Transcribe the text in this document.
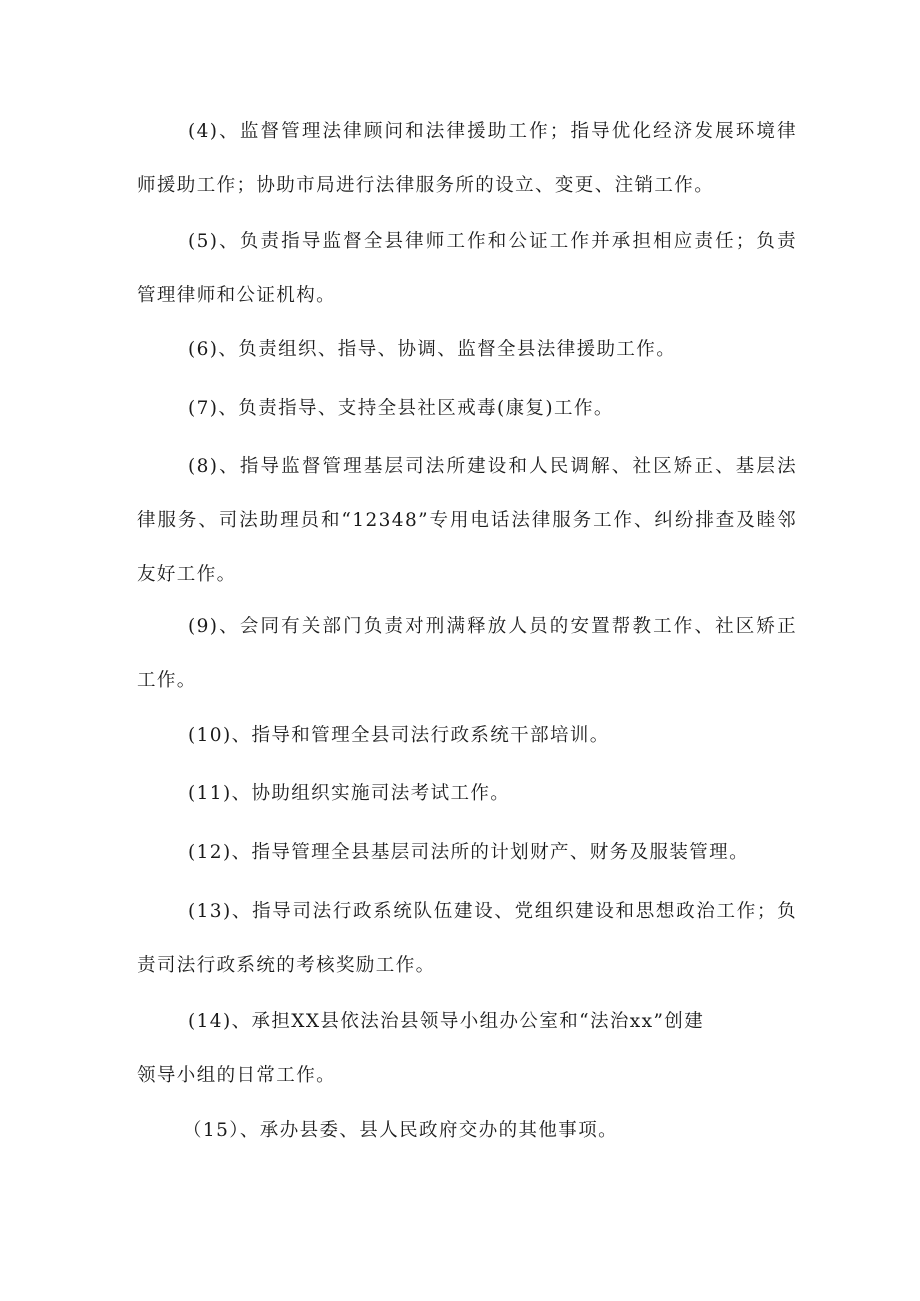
(4)、监督管理法律顾问和法律援助工作；指导优化经济发展环境律
师援助工作；协助市局进行法律服务所的设立、变更、注销工作。

(5)、负责指导监督全县律师工作和公证工作并承担相应责任；负责
管理律师和公证机构。

(6)、负责组织、指导、协调、监督全县法律援助工作。

(7)、负责指导、支持全县社区戒毒(康复)工作。

(8)、指导监督管理基层司法所建设和人民调解、社区矫正、基层法
律服务、司法助理员和“12348”专用电话法律服务工作、纠纷排查及睦邻
友好工作。

(9)、会同有关部门负责对刑满释放人员的安置帮教工作、社区矫正
工作。

(10)、指导和管理全县司法行政系统干部培训。

(11)、协助组织实施司法考试工作。

(12)、指导管理全县基层司法所的计划财产、财务及服装管理。

(13)、指导司法行政系统队伍建设、党组织建设和思想政治工作；负
责司法行政系统的考核奖励工作。

(14)、承担XX县依法治县领导小组办公室和“法治xx”创建
领导小组的日常工作。

（15）、承办县委、县人民政府交办的其他事项。
